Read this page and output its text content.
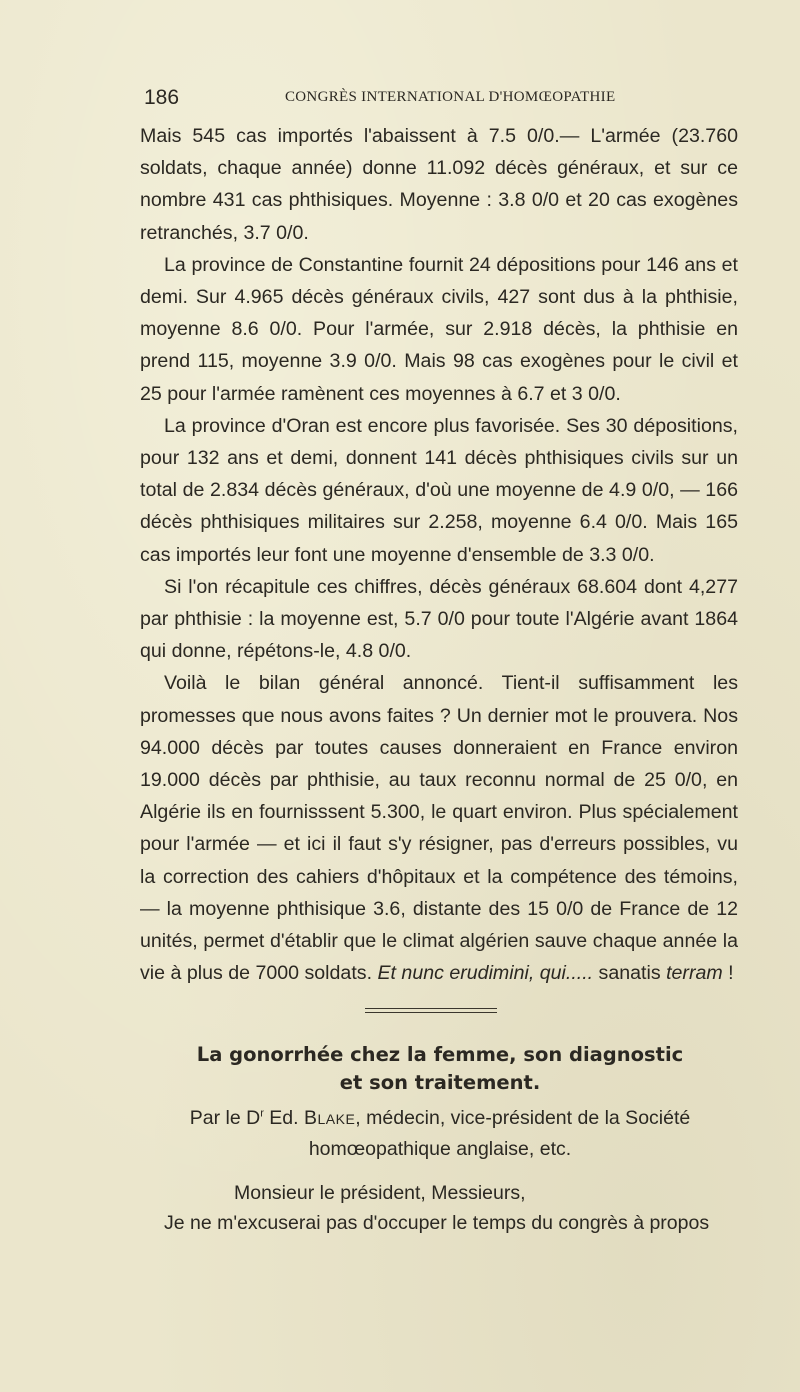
186	CONGRÈS INTERNATIONAL D'HOMŒOPATHIE

Mais 545 cas importés l'abaissent à 7.5 0/0.— L'armée (23.760 soldats, chaque année) donne 11.092 décès généraux, et sur ce nombre 431 cas phthisiques. Moyenne : 3.8 0/0 et 20 cas exogènes retranchés, 3.7 0/0.

La province de Constantine fournit 24 dépositions pour 146 ans et demi. Sur 4.965 décès généraux civils, 427 sont dus à la phthisie, moyenne 8.6 0/0. Pour l'armée, sur 2.918 décès, la phthisie en prend 115, moyenne 3.9 0/0. Mais 98 cas exogènes pour le civil et 25 pour l'armée ramènent ces moyennes à 6.7 et 3 0/0.

La province d'Oran est encore plus favorisée. Ses 30 dépositions, pour 132 ans et demi, donnent 141 décès phthisiques civils sur un total de 2.834 décès généraux, d'où une moyenne de 4.9 0/0, — 166 décès phthisiques militaires sur 2.258, moyenne 6.4 0/0. Mais 165 cas importés leur font une moyenne d'ensemble de 3.3 0/0.

Si l'on récapitule ces chiffres, décès généraux 68.604 dont 4,277 par phthisie : la moyenne est, 5.7 0/0 pour toute l'Algérie avant 1864 qui donne, répétons-le, 4.8 0/0.

Voilà le bilan général annoncé. Tient-il suffisamment les promesses que nous avons faites ? Un dernier mot le prouvera. Nos 94.000 décès par toutes causes donneraient en France environ 19.000 décès par phthisie, au taux reconnu normal de 25 0/0, en Algérie ils en fournisssent 5.300, le quart environ. Plus spécialement pour l'armée — et ici il faut s'y résigner, pas d'erreurs possibles, vu la correction des cahiers d'hôpitaux et la compétence des témoins, — la moyenne phthisique 3.6, distante des 15 0/0 de France de 12 unités, permet d'établir que le climat algérien sauve chaque année la vie à plus de 7000 soldats. Et nunc erudimini, qui..... sanatis terram !

La gonorrhée chez la femme, son diagnostic
et son traitement.
Par le $D^r$ Ed. Blake, médecin, vice-président de la Société
homœopathique anglaise, etc.
Monsieur le président, Messieurs,
Je ne m'excuserai pas d'occuper le temps du congrès à propos
